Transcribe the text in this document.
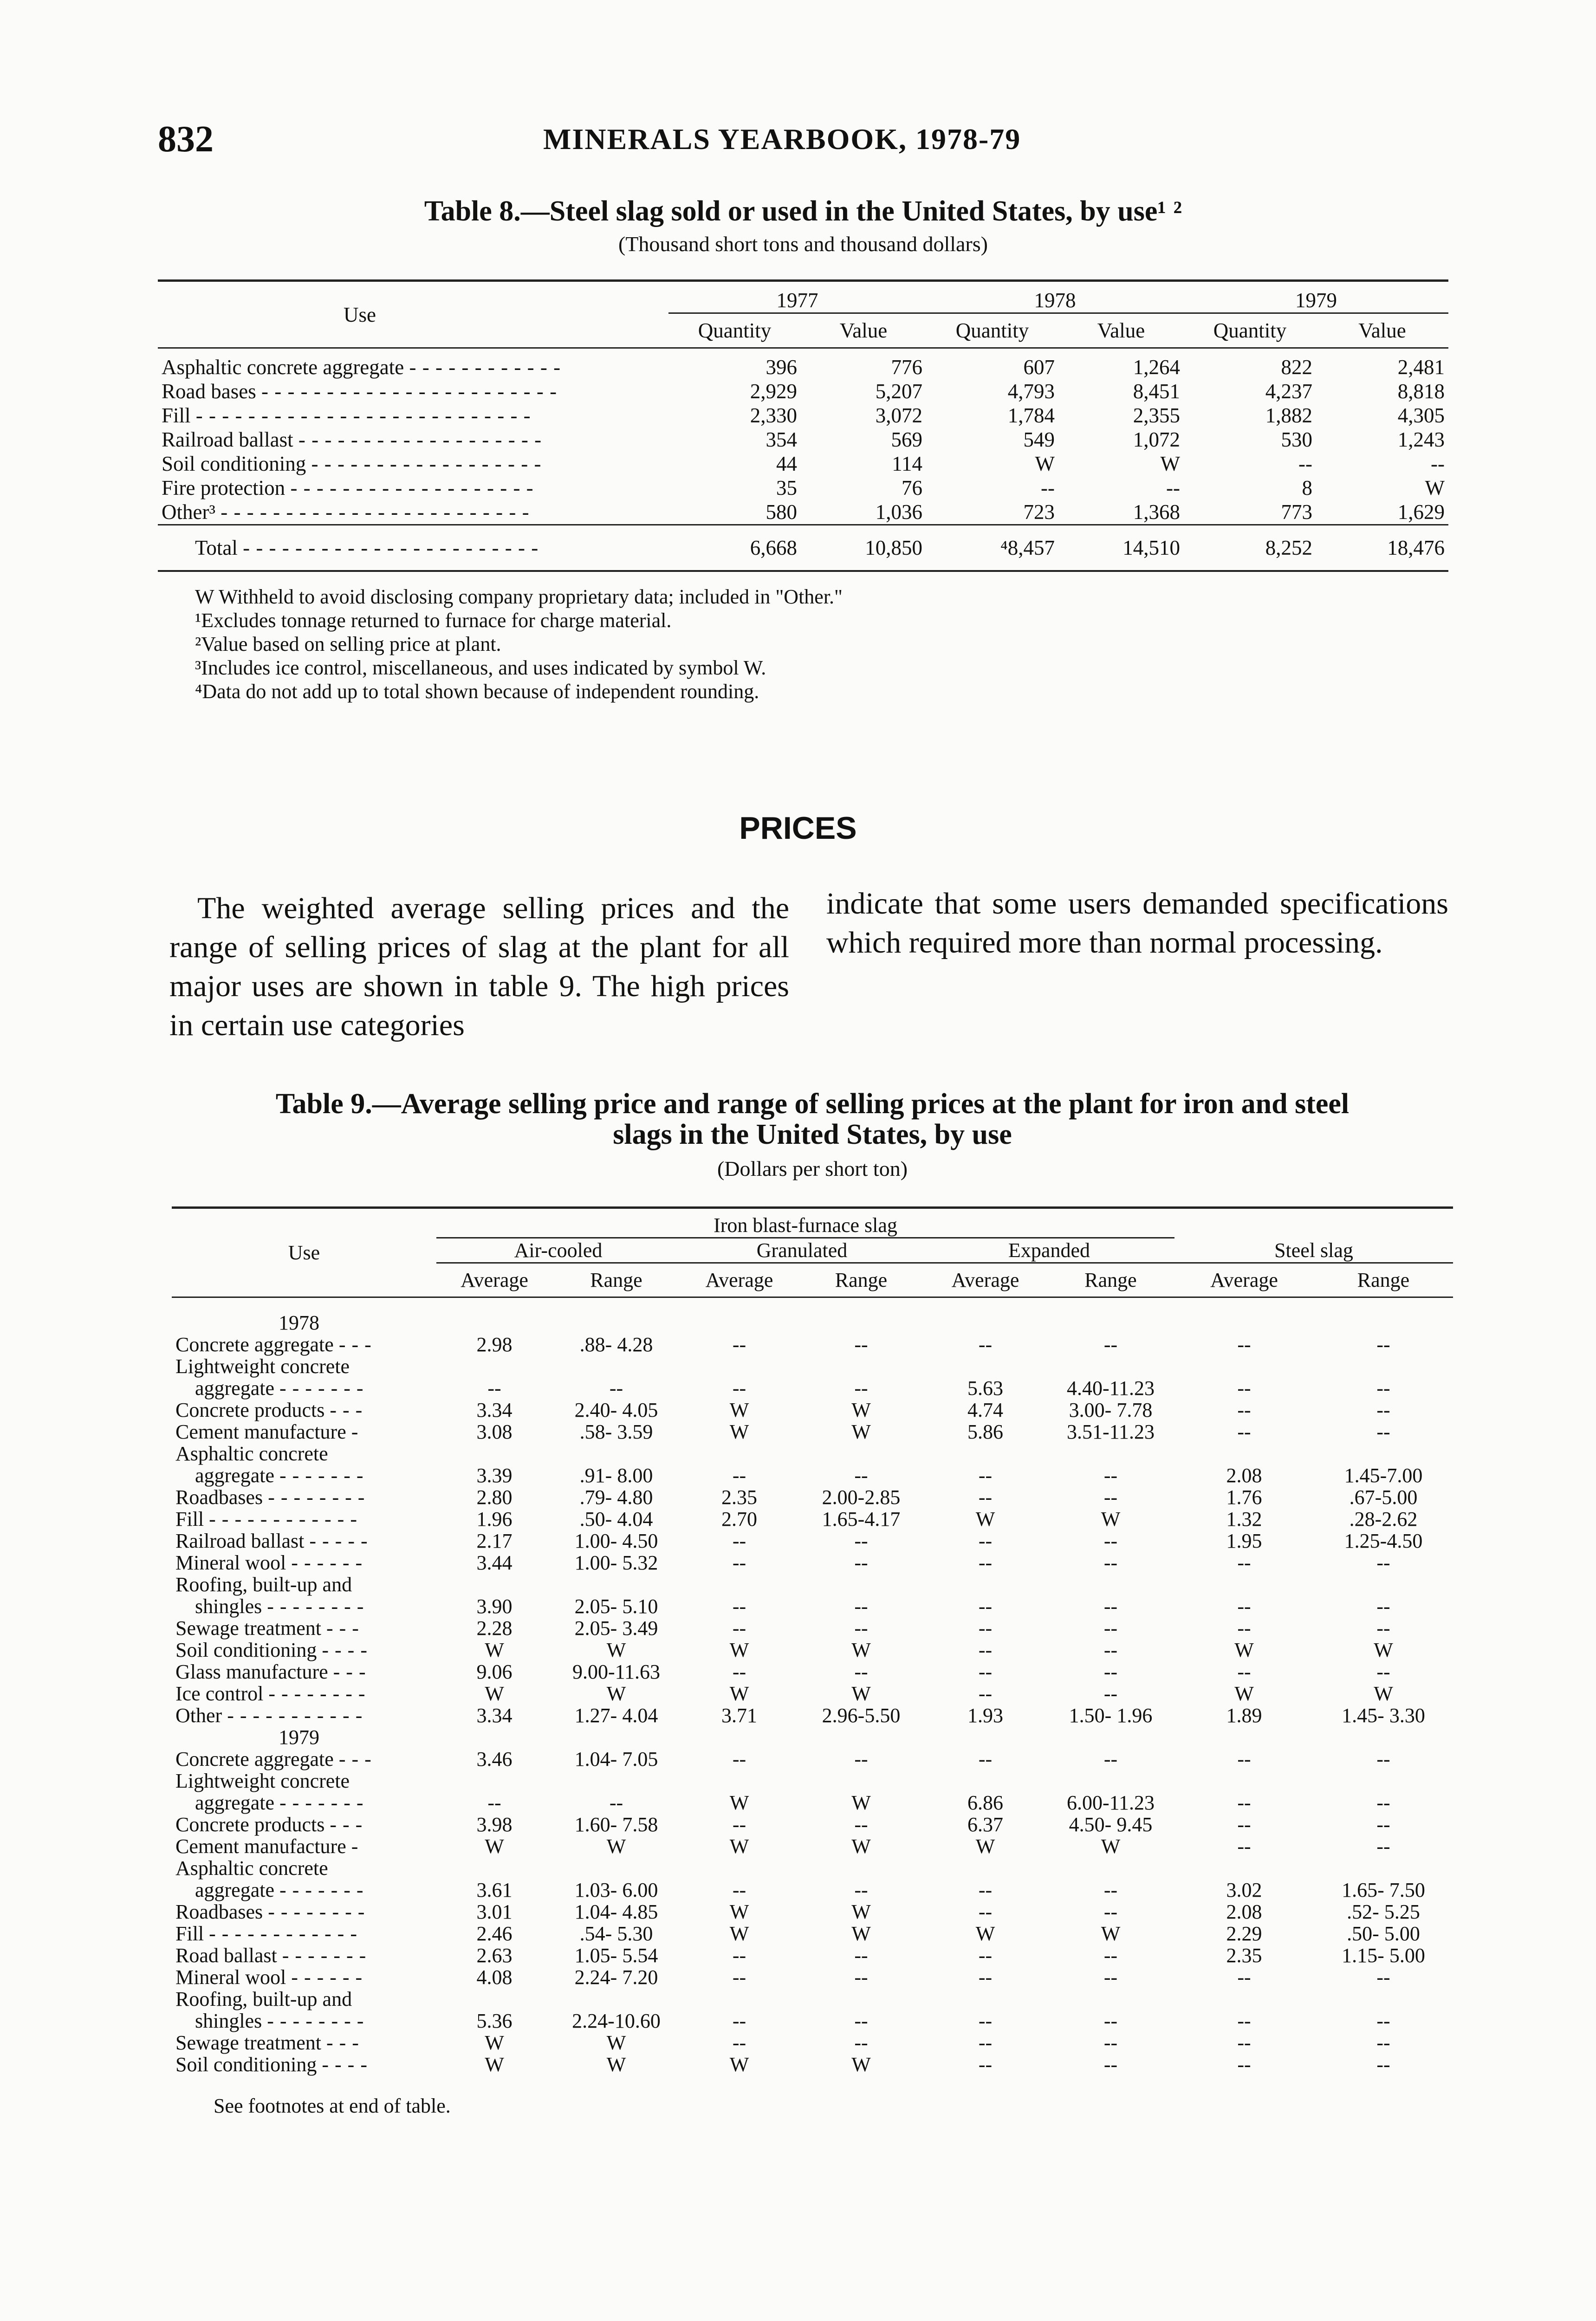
832	MINERALS YEARBOOK, 1978-79
Table 8.—Steel slag sold or used in the United States, by use¹ ²
(Thousand short tons and thousand dollars)
Use	1977		1978		1979	
	Quantity	Value	Quantity	Value	Quantity	Value
Asphaltic concrete aggregate - - - - - - - - - - - -	396	776	607	1,264	822	2,481
Road bases - - - - - - - - - - - - - - - - - - - - - - -	2,929	5,207	4,793	8,451	4,237	8,818
Fill - - - - - - - - - - - - - - - - - - - - - - - - - -	2,330	3,072	1,784	2,355	1,882	4,305
Railroad ballast - - - - - - - - - - - - - - - - - - -	354	569	549	1,072	530	1,243
Soil conditioning - - - - - - - - - - - - - - - - - -	44	114	W	W	--	--
Fire protection - - - - - - - - - - - - - - - - - - -	35	76	--	--	8	W
Other³ - - - - - - - - - - - - - - - - - - - - - - - -	580	1,036	723	1,368	773	1,629
Total - - - - - - - - - - - - - - - - - - - - - - -	6,668	10,850	⁴8,457	14,510	8,252	18,476
W Withheld to avoid disclosing company proprietary data; included in "Other."
¹Excludes tonnage returned to furnace for charge material.
²Value based on selling price at plant.
³Includes ice control, miscellaneous, and uses indicated by symbol W.
⁴Data do not add up to total shown because of independent rounding.
PRICES
The weighted average selling prices and the range of selling prices of slag at the plant for all major uses are shown in table 9. The high prices in certain use categories
indicate that some users demanded specifications which required more than normal processing.
Table 9.—Average selling price and range of selling prices at the plant for iron and steel
slags in the United States, by use
(Dollars per short ton)
Use	Iron blast-furnace slag						Steel slag	
	Air-cooled		Granulated		Expanded			
	Average	Range	Average	Range	Average	Range	Average	Range
1978								
Concrete aggregate - - -	2.98	.88- 4.28	--	--	--	--	--	--
Lightweight concrete								
aggregate - - - - - - -	--	--	--	--	5.63	4.40-11.23	--	--
Concrete products - - -	3.34	2.40- 4.05	W	W	4.74	3.00- 7.78	--	--
Cement manufacture -	3.08	.58- 3.59	W	W	5.86	3.51-11.23	--	--
Asphaltic concrete								
aggregate - - - - - - -	3.39	.91- 8.00	--	--	--	--	2.08	1.45-7.00
Roadbases - - - - - - - -	2.80	.79- 4.80	2.35	2.00-2.85	--	--	1.76	.67-5.00
Fill - - - - - - - - - - - -	1.96	.50- 4.04	2.70	1.65-4.17	W	W	1.32	.28-2.62
Railroad ballast - - - - -	2.17	1.00- 4.50	--	--	--	--	1.95	1.25-4.50
Mineral wool - - - - - -	3.44	1.00- 5.32	--	--	--	--	--	--
Roofing, built-up and								
shingles - - - - - - - -	3.90	2.05- 5.10	--	--	--	--	--	--
Sewage treatment - - -	2.28	2.05- 3.49	--	--	--	--	--	--
Soil conditioning - - - -	W	W	W	W	--	--	W	W
Glass manufacture - - -	9.06	9.00-11.63	--	--	--	--	--	--
Ice control - - - - - - - -	W	W	W	W	--	--	W	W
Other - - - - - - - - - - -	3.34	1.27- 4.04	3.71	2.96-5.50	1.93	1.50- 1.96	1.89	1.45- 3.30
1979								
Concrete aggregate - - -	3.46	1.04- 7.05	--	--	--	--	--	--
Lightweight concrete								
aggregate - - - - - - -	--	--	W	W	6.86	6.00-11.23	--	--
Concrete products - - -	3.98	1.60- 7.58	--	--	6.37	4.50- 9.45	--	--
Cement manufacture -	W	W	W	W	W	W	--	--
Asphaltic concrete								
aggregate - - - - - - -	3.61	1.03- 6.00	--	--	--	--	3.02	1.65- 7.50
Roadbases - - - - - - - -	3.01	1.04- 4.85	W	W	--	--	2.08	.52- 5.25
Fill - - - - - - - - - - - -	2.46	.54- 5.30	W	W	W	W	2.29	.50- 5.00
Road ballast - - - - - - -	2.63	1.05- 5.54	--	--	--	--	2.35	1.15- 5.00
Mineral wool - - - - - -	4.08	2.24- 7.20	--	--	--	--	--	--
Roofing, built-up and								
shingles - - - - - - - -	5.36	2.24-10.60	--	--	--	--	--	--
Sewage treatment - - -	W	W	--	--	--	--	--	--
Soil conditioning - - - -	W	W	W	W	--	--	--	--
See footnotes at end of table.
